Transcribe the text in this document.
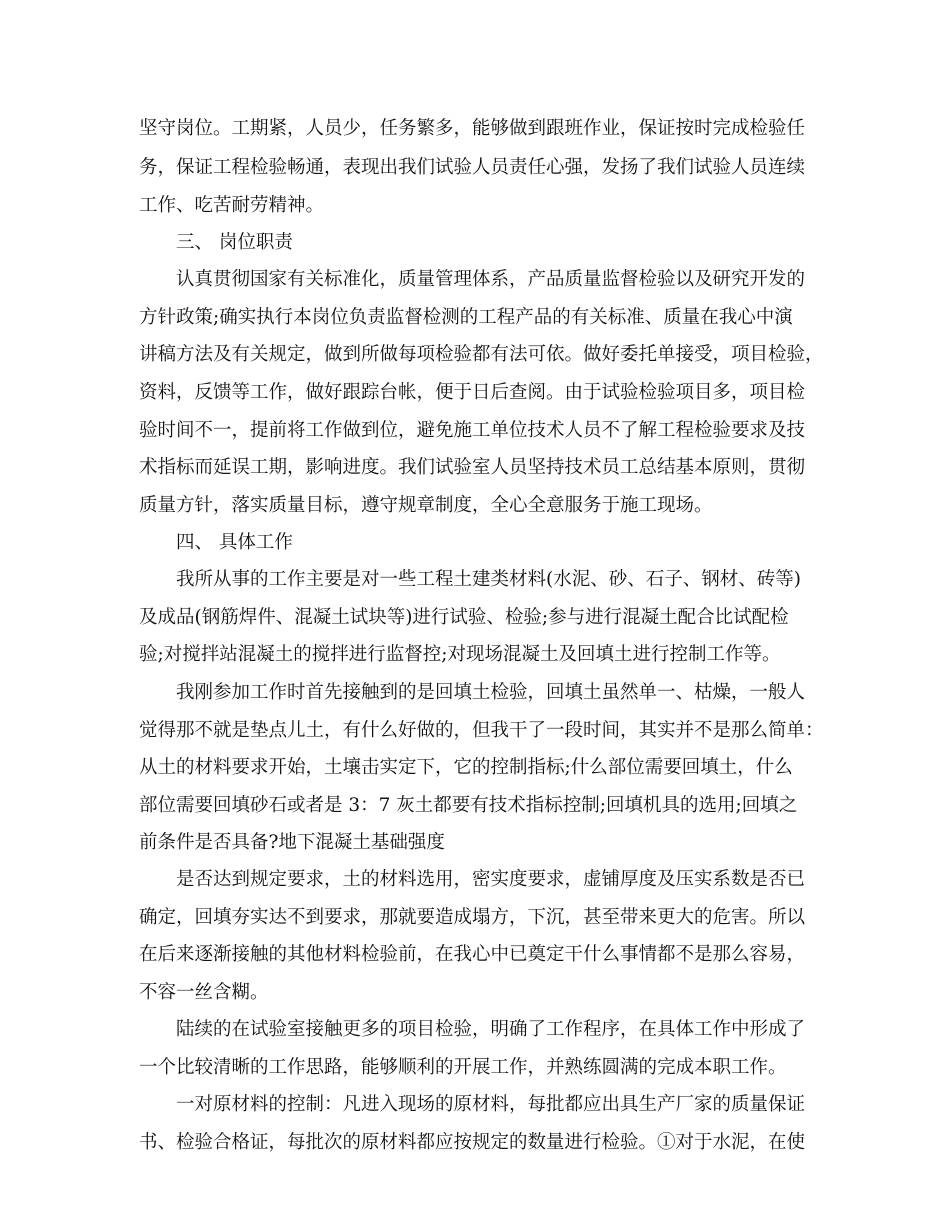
坚守岗位。工期紧，人员少，任务繁多，能够做到跟班作业，保证按时完成检验任

务，保证工程检验畅通，表现出我们试验人员责任心强，发扬了我们试验人员连续

工作、吃苦耐劳精神。

三、 岗位职责

认真贯彻国家有关标准化，质量管理体系，产品质量监督检验以及研究开发的

方针政策;确实执行本岗位负责监督检测的工程产品的有关标准、质量在我心中演

讲稿方法及有关规定，做到所做每项检验都有法可依。做好委托单接受，项目检验，

资料，反馈等工作，做好跟踪台帐，便于日后查阅。由于试验检验项目多，项目检

验时间不一，提前将工作做到位，避免施工单位技术人员不了解工程检验要求及技

术指标而延误工期，影响进度。我们试验室人员坚持技术员工总结基本原则，贯彻

质量方针，落实质量目标，遵守规章制度，全心全意服务于施工现场。

四、 具体工作

我所从事的工作主要是对一些工程土建类材料(水泥、砂、石子、钢材、砖等)

及成品(钢筋焊件、混凝土试块等)进行试验、检验;参与进行混凝土配合比试配检

验;对搅拌站混凝土的搅拌进行监督控;对现场混凝土及回填土进行控制工作等。

我刚参加工作时首先接触到的是回填土检验，回填土虽然单一、枯燥，一般人

觉得那不就是垫点儿土，有什么好做的，但我干了一段时间，其实并不是那么简单：

从土的材料要求开始，土壤击实定下，它的控制指标;什么部位需要回填土，什么

部位需要回填砂石或者是 3：7 灰土都要有技术指标控制;回填机具的选用;回填之

前条件是否具备?地下混凝土基础强度

是否达到规定要求，土的材料选用，密实度要求，虚铺厚度及压实系数是否已

确定，回填夯实达不到要求，那就要造成塌方，下沉，甚至带来更大的危害。所以

在后来逐渐接触的其他材料检验前，在我心中已奠定干什么事情都不是那么容易，

不容一丝含糊。

陆续的在试验室接触更多的项目检验，明确了工作程序，在具体工作中形成了

一个比较清晰的工作思路，能够顺利的开展工作，并熟练圆满的完成本职工作。

一对原材料的控制：凡进入现场的原材料，每批都应出具生产厂家的质量保证

书、检验合格证，每批次的原材料都应按规定的数量进行检验。①对于水泥，在使
